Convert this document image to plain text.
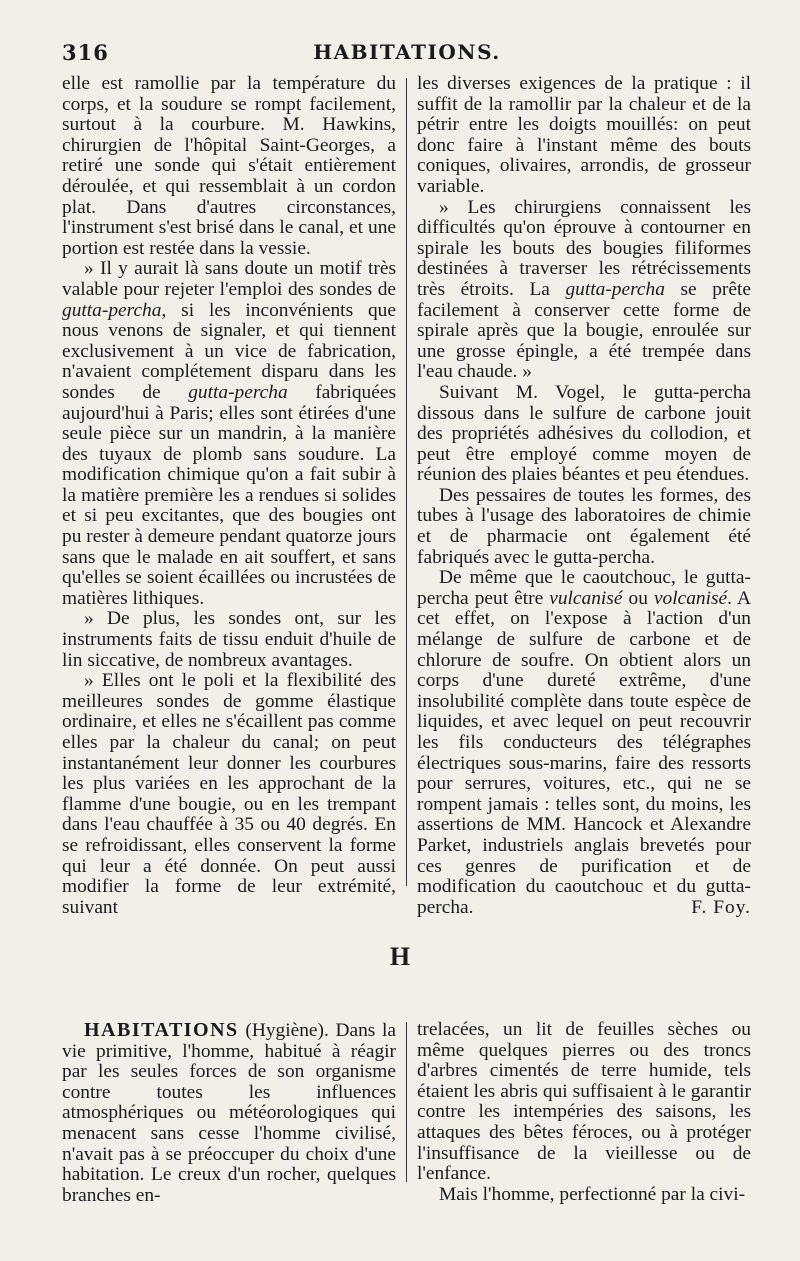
316	HABITATIONS.

elle est ramollie par la température du corps, et la soudure se rompt facilement, surtout à la courbure. M. Hawkins, chirurgien de l'hôpital Saint-Georges, a retiré une sonde qui s'était entièrement déroulée, et qui ressemblait à un cordon plat. Dans d'autres circonstances, l'instrument s'est brisé dans le canal, et une portion est restée dans la vessie.

» Il y aurait là sans doute un motif très valable pour rejeter l'emploi des sondes de gutta-percha, si les inconvénients que nous venons de signaler, et qui tiennent exclusivement à un vice de fabrication, n'avaient complétement disparu dans les sondes de gutta-percha fabriquées aujourd'hui à Paris; elles sont étirées d'une seule pièce sur un mandrin, à la manière des tuyaux de plomb sans soudure. La modification chimique qu'on a fait subir à la matière première les a rendues si solides et si peu excitantes, que des bougies ont pu rester à demeure pendant quatorze jours sans que le malade en ait souffert, et sans qu'elles se soient écaillées ou incrustées de matières lithiques.

» De plus, les sondes ont, sur les instruments faits de tissu enduit d'huile de lin siccative, de nombreux avantages.

» Elles ont le poli et la flexibilité des meilleures sondes de gomme élastique ordinaire, et elles ne s'écaillent pas comme elles par la chaleur du canal; on peut instantanément leur donner les courbures les plus variées en les approchant de la flamme d'une bougie, ou en les trempant dans l'eau chauffée à 35 ou 40 degrés. En se refroidissant, elles conservent la forme qui leur a été donnée. On peut aussi modifier la forme de leur extrémité, suivant

les diverses exigences de la pratique : il suffit de la ramollir par la chaleur et de la pétrir entre les doigts mouillés: on peut donc faire à l'instant même des bouts coniques, olivaires, arrondis, de grosseur variable.

» Les chirurgiens connaissent les difficultés qu'on éprouve à contourner en spirale les bouts des bougies filiformes destinées à traverser les rétrécissements très étroits. La gutta-percha se prête facilement à conserver cette forme de spirale après que la bougie, enroulée sur une grosse épingle, a été trempée dans l'eau chaude. »

Suivant M. Vogel, le gutta-percha dissous dans le sulfure de carbone jouit des propriétés adhésives du collodion, et peut être employé comme moyen de réunion des plaies béantes et peu étendues.

Des pessaires de toutes les formes, des tubes à l'usage des laboratoires de chimie et de pharmacie ont également été fabriqués avec le gutta-percha.

De même que le caoutchouc, le gutta-percha peut être vulcanisé ou volcanisé. A cet effet, on l'expose à l'action d'un mélange de sulfure de carbone et de chlorure de soufre. On obtient alors un corps d'une dureté extrême, d'une insolubilité complète dans toute espèce de liquides, et avec lequel on peut recouvrir les fils conducteurs des télégraphes électriques sous-marins, faire des ressorts pour serrures, voitures, etc., qui ne se rompent jamais : telles sont, du moins, les assertions de MM. Hancock et Alexandre Parket, industriels anglais brevetés pour ces genres de purification et de modification du caoutchouc et du gutta-percha.	F. Foy.

H

HABITATIONS (Hygiène). Dans la vie primitive, l'homme, habitué à réagir par les seules forces de son organisme contre toutes les influences atmosphériques ou météorologiques qui menacent sans cesse l'homme civilisé, n'avait pas à se préoccuper du choix d'une habitation. Le creux d'un rocher, quelques branches en-

trelacées, un lit de feuilles sèches ou même quelques pierres ou des troncs d'arbres cimentés de terre humide, tels étaient les abris qui suffisaient à le garantir contre les intempéries des saisons, les attaques des bêtes féroces, ou à protéger l'insuffisance de la vieillesse ou de l'enfance.

Mais l'homme, perfectionné par la civi-
